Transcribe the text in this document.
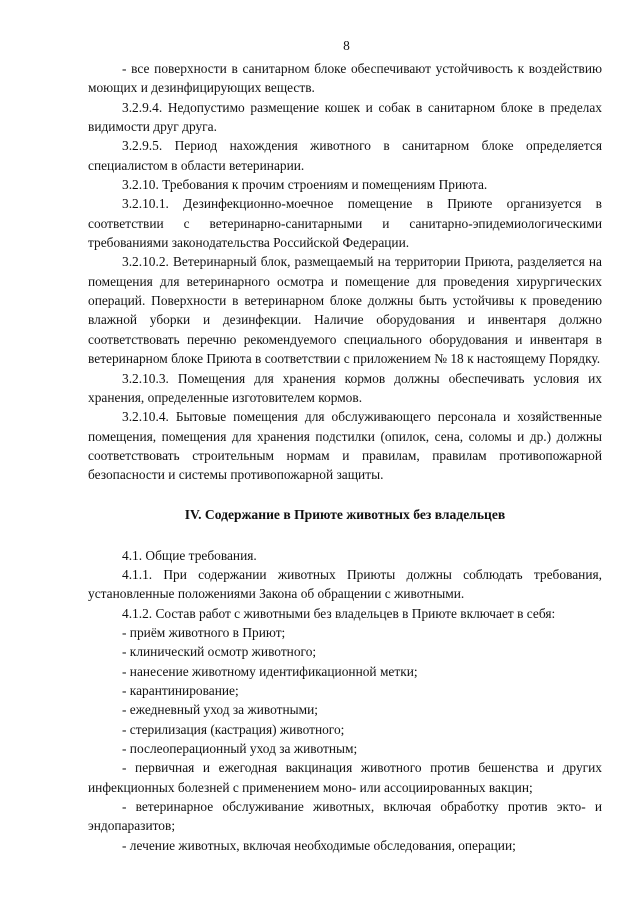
8

- все поверхности в санитарном блоке обеспечивают устойчивость к воздействию моющих и дезинфицирующих веществ.

3.2.9.4. Недопустимо размещение кошек и собак в санитарном блоке в пределах видимости друг друга.

3.2.9.5. Период нахождения животного в санитарном блоке определяется специалистом в области ветеринарии.

3.2.10. Требования к прочим строениям и помещениям Приюта.

3.2.10.1. Дезинфекционно-моечное помещение в Приюте организуется в соответствии с ветеринарно-санитарными и санитарно-эпидемиологическими требованиями законодательства Российской Федерации.

3.2.10.2. Ветеринарный блок, размещаемый на территории Приюта, разделяется на помещения для ветеринарного осмотра и помещение для проведения хирургических операций. Поверхности в ветеринарном блоке должны быть устойчивы к проведению влажной уборки и дезинфекции. Наличие оборудования и инвентаря должно соответствовать перечню рекомендуемого специального оборудования и инвентаря в ветеринарном блоке Приюта в соответствии с приложением № 18 к настоящему Порядку.

3.2.10.3. Помещения для хранения кормов должны обеспечивать условия их хранения, определенные изготовителем кормов.

3.2.10.4. Бытовые помещения для обслуживающего персонала и хозяйственные помещения, помещения для хранения подстилки (опилок, сена, соломы и др.) должны соответствовать строительным нормам и правилам, правилам противопожарной безопасности и системы противопожарной защиты.

IV. Содержание в Приюте животных без владельцев

4.1. Общие требования.

4.1.1. При содержании животных Приюты должны соблюдать требования, установленные положениями Закона об обращении с животными.

4.1.2. Состав работ с животными без владельцев в Приюте включает в себя:

- приём животного в Приют;

- клинический осмотр животного;

- нанесение животному идентификационной метки;

- карантинирование;

- ежедневный уход за животными;

- стерилизация (кастрация) животного;

- послеоперационный уход за животным;

- первичная и ежегодная вакцинация животного против бешенства и других инфекционных болезней с применением моно- или ассоциированных вакцин;

- ветеринарное обслуживание животных, включая обработку против экто- и эндопаразитов;

- лечение животных, включая необходимые обследования, операции;
